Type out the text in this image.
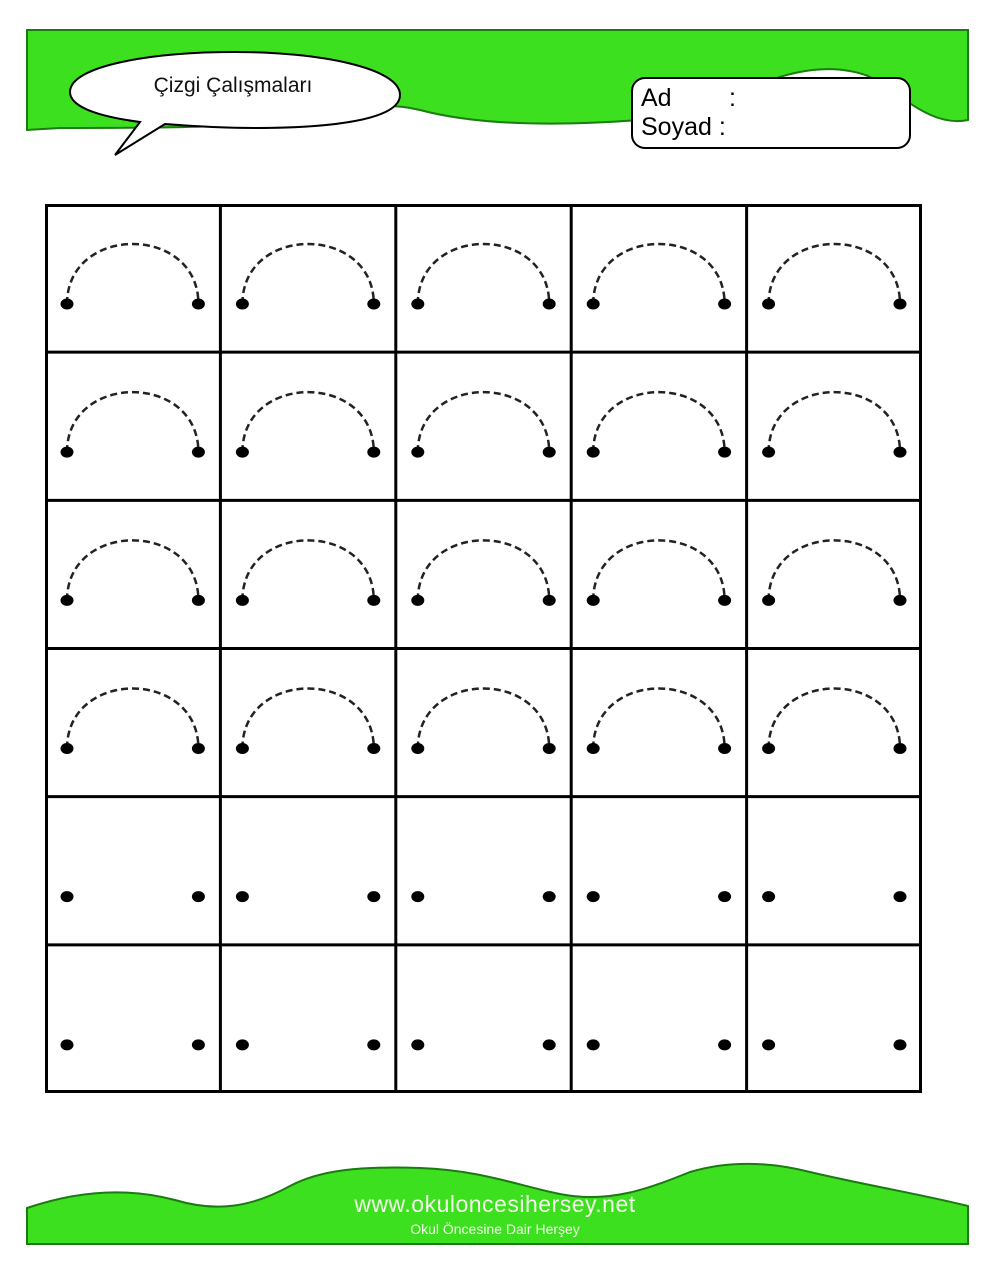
Çizgi Çalışmaları	Ad :
Soyad :
www.okuloncesihersey.net
Okul Öncesine Dair Herşey
